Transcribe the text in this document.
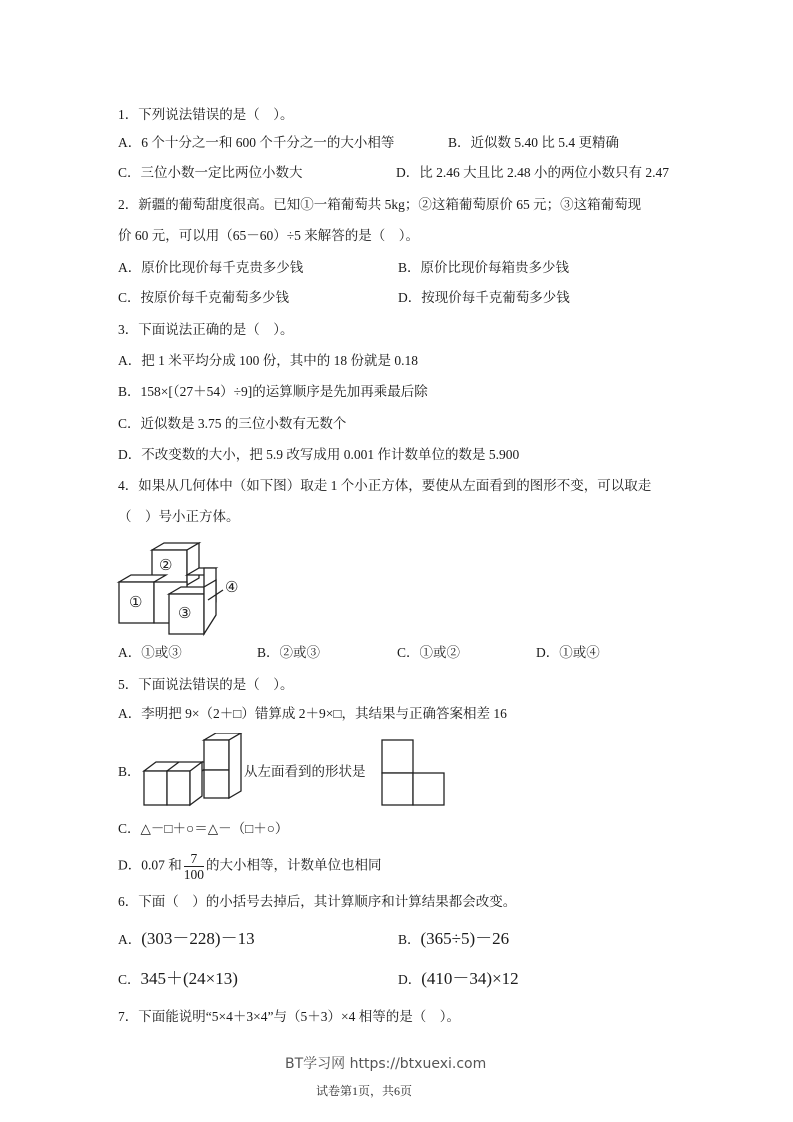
1．下列说法错误的是（　）。
A．6 个十分之一和 600 个千分之一的大小相等	B．近似数 5.40 比 5.4 更精确
C．三位小数一定比两位小数大	D．比 2.46 大且比 2.48 小的两位小数只有 2.47
2．新疆的葡萄甜度很高。已知①一箱葡萄共 5kg；②这箱葡萄原价 65 元；③这箱葡萄现
价 60 元，可以用（65－60）÷5 来解答的是（　）。
A．原价比现价每千克贵多少钱	B．原价比现价每箱贵多少钱
C．按原价每千克葡萄多少钱	D．按现价每千克葡萄多少钱
3．下面说法正确的是（　）。
A．把 1 米平均分成 100 份，其中的 18 份就是 0.18
B．158×[（27＋54）÷9]的运算顺序是先加再乘最后除
C．近似数是 3.75 的三位小数有无数个
D．不改变数的大小，把 5.9 改写成用 0.001 作计数单位的数是 5.900
4．如果从几何体中（如下图）取走 1 个小正方体，要使从左面看到的图形不变，可以取走
（　）号小正方体。
①
②
③
④
A．①或③	B．②或③	C．①或②	D．①或④
5．下面说法错误的是（　）。
A．李明把 9×（2＋□）错算成 2＋9×□，其结果与正确答案相差 16
B．	从左面看到的形状是
C．△－□＋○＝△－（□＋○）
D．0.07 和 $\frac{7}{100}$ 的大小相等，计数单位也相同
6．下面（　）的小括号去掉后，其计算顺序和计算结果都会改变。
A．(303－228)－13	B．(365÷5)－26
C．345＋(24×13)	D．(410－34)×12
7．下面能说明“5×4＋3×4”与（5＋3）×4 相等的是（　）。
BT学习网 https://btxuexi.com
试卷第1页，共6页
